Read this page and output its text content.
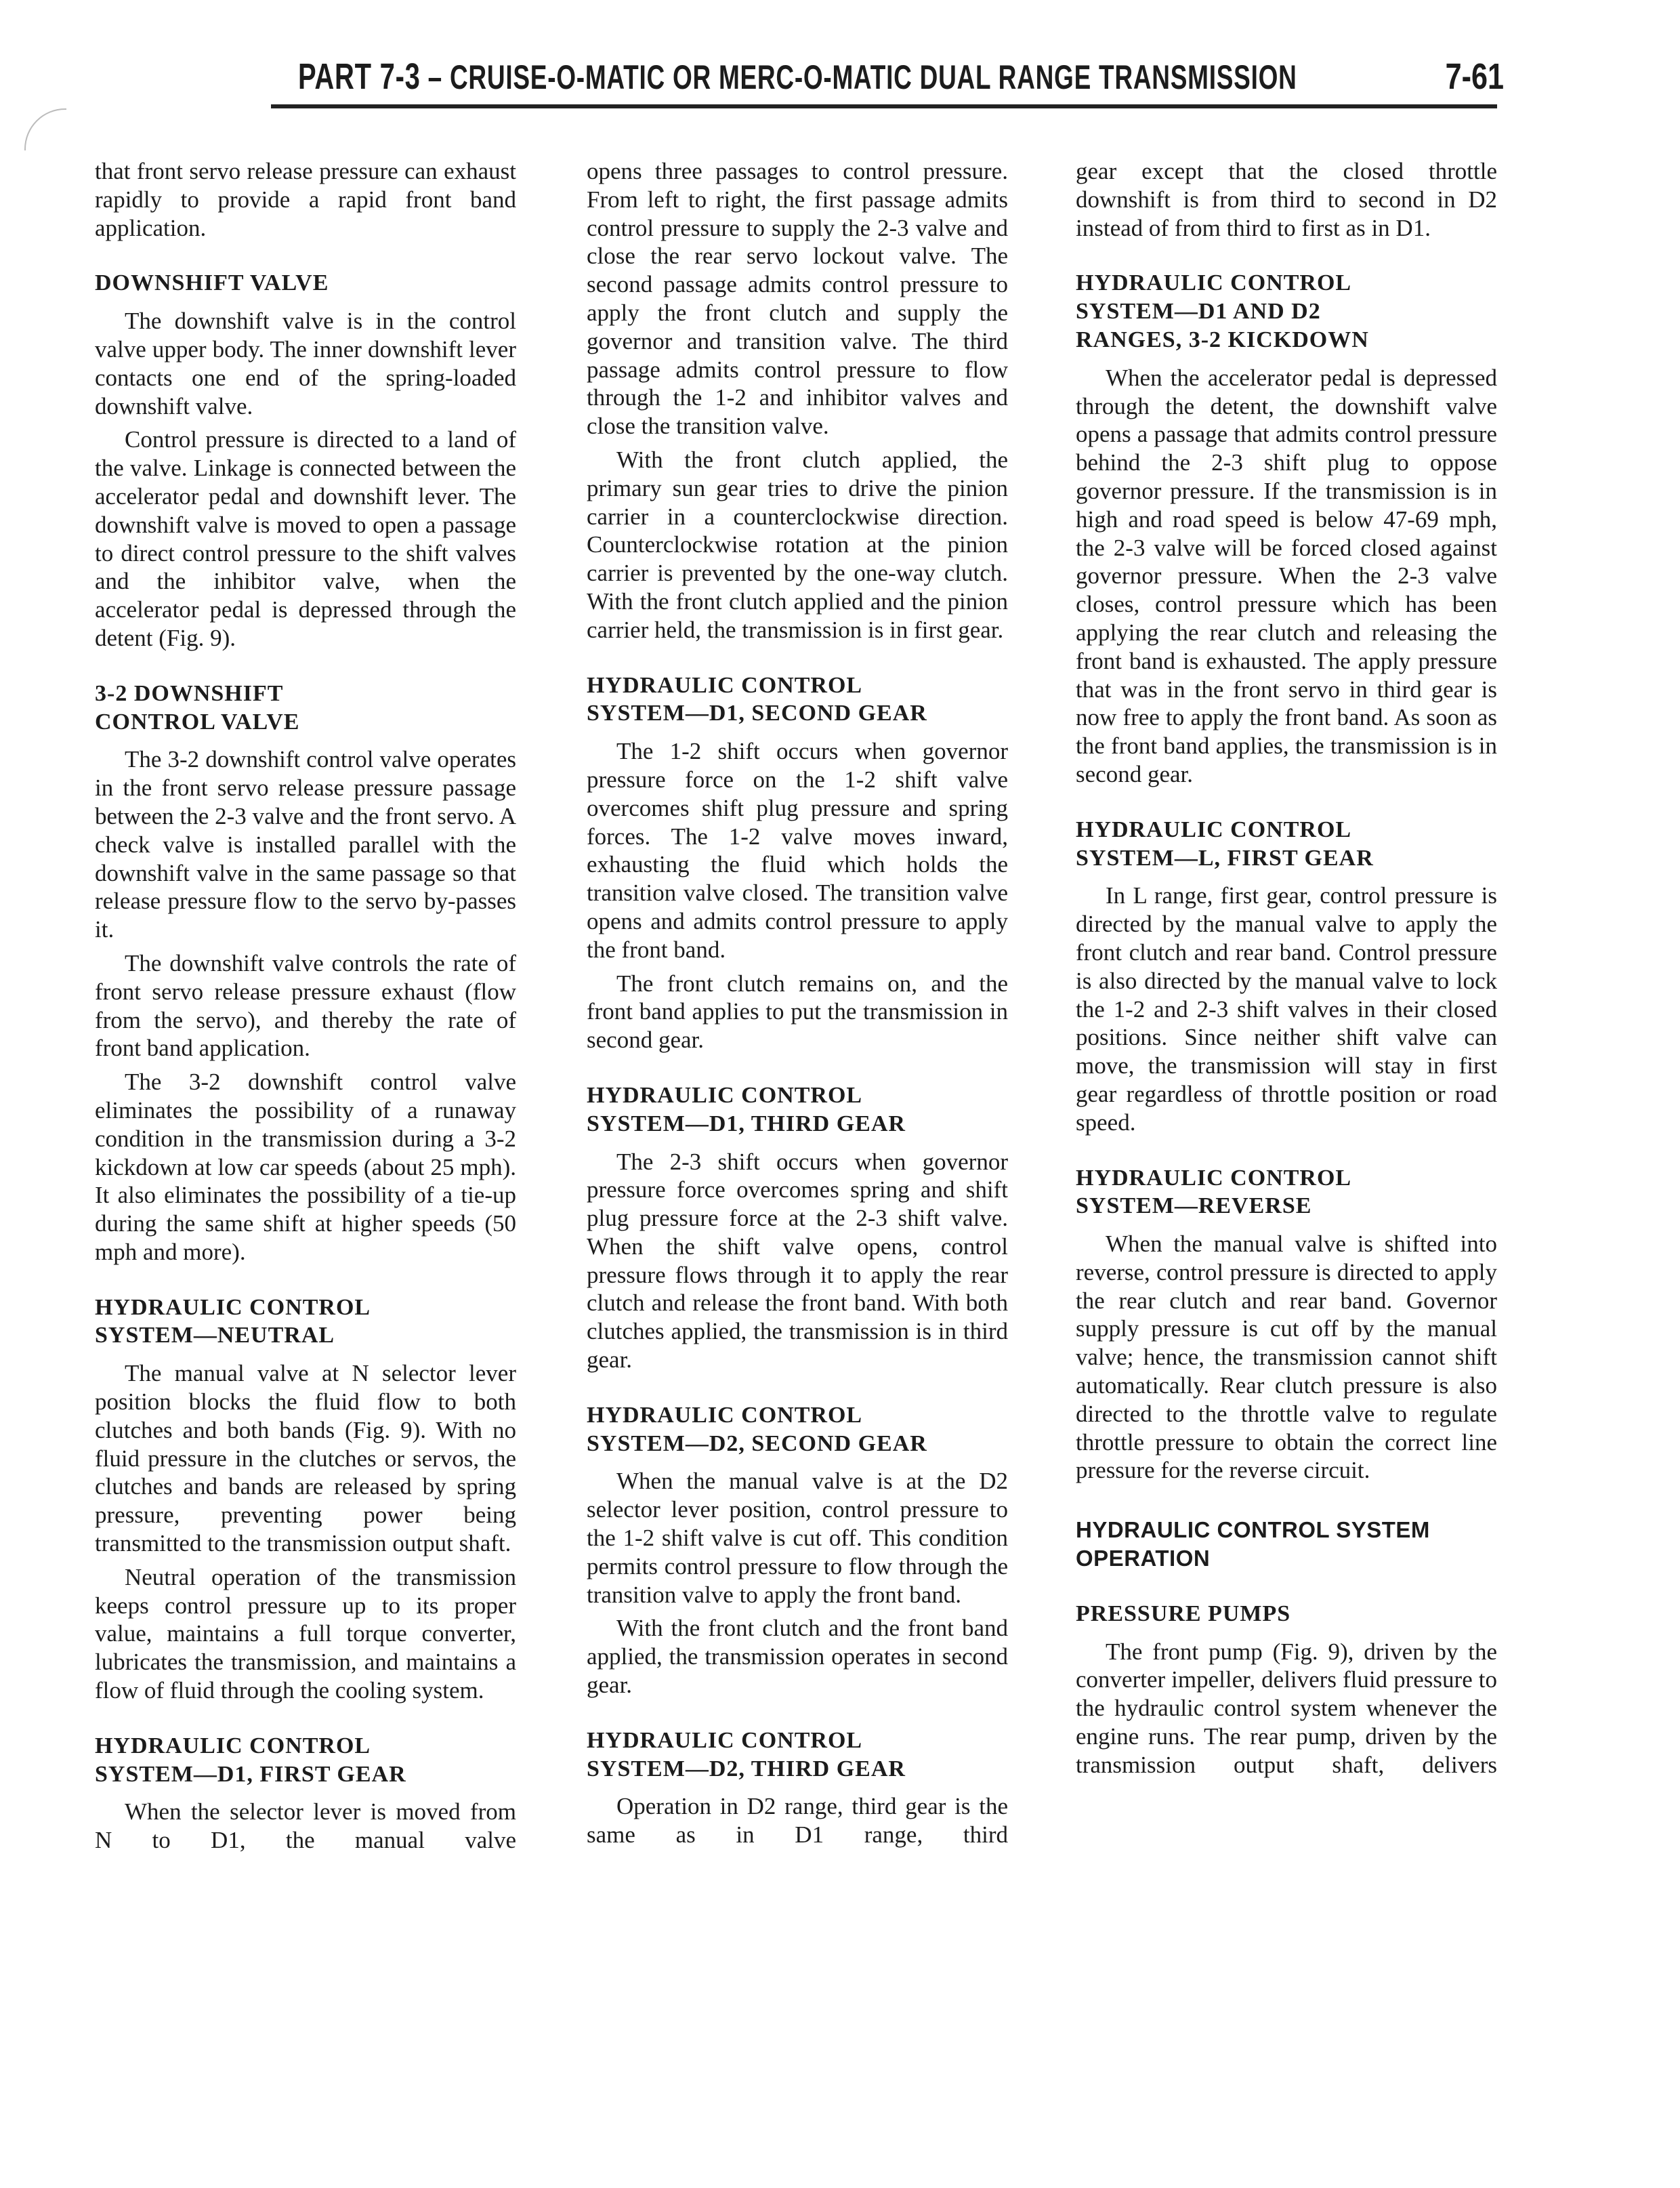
PART 7-3 – CRUISE-O-MATIC OR MERC-O-MATIC DUAL RANGE TRANSMISSION	7-61

that front servo release pressure can exhaust rapidly to provide a rapid front band application.

DOWNSHIFT VALVE

The downshift valve is in the control valve upper body. The inner downshift lever contacts one end of the spring-loaded downshift valve.

Control pressure is directed to a land of the valve. Linkage is connected between the accelerator pedal and downshift lever. The downshift valve is moved to open a passage to direct control pressure to the shift valves and the inhibitor valve, when the accelerator pedal is depressed through the detent (Fig. 9).

3-2 DOWNSHIFT
CONTROL VALVE

The 3-2 downshift control valve operates in the front servo release pressure passage between the 2-3 valve and the front servo. A check valve is installed parallel with the downshift valve in the same passage so that release pressure flow to the servo by-passes it.

The downshift valve controls the rate of front servo release pressure exhaust (flow from the servo), and thereby the rate of front band application.

The 3-2 downshift control valve eliminates the possibility of a runaway condition in the transmission during a 3-2 kickdown at low car speeds (about 25 mph). It also eliminates the possibility of a tie-up during the same shift at higher speeds (50 mph and more).

HYDRAULIC CONTROL
SYSTEM—NEUTRAL

The manual valve at N selector lever position blocks the fluid flow to both clutches and both bands (Fig. 9). With no fluid pressure in the clutches or servos, the clutches and bands are released by spring pressure, preventing power being transmitted to the transmission output shaft.

Neutral operation of the transmission keeps control pressure up to its proper value, maintains a full torque converter, lubricates the transmission, and maintains a flow of fluid through the cooling system.

HYDRAULIC CONTROL
SYSTEM—D1, FIRST GEAR

When the selector lever is moved from N to D1, the manual valve

opens three passages to control pressure. From left to right, the first passage admits control pressure to supply the 2-3 valve and close the rear servo lockout valve. The second passage admits control pressure to apply the front clutch and supply the governor and transition valve. The third passage admits control pressure to flow through the 1-2 and inhibitor valves and close the transition valve.

With the front clutch applied, the primary sun gear tries to drive the pinion carrier in a counterclockwise direction. Counterclockwise rotation at the pinion carrier is prevented by the one-way clutch. With the front clutch applied and the pinion carrier held, the transmission is in first gear.

HYDRAULIC CONTROL
SYSTEM—D1, SECOND GEAR

The 1-2 shift occurs when governor pressure force on the 1-2 shift valve overcomes shift plug pressure and spring forces. The 1-2 valve moves inward, exhausting the fluid which holds the transition valve closed. The transition valve opens and admits control pressure to apply the front band.

The front clutch remains on, and the front band applies to put the transmission in second gear.

HYDRAULIC CONTROL
SYSTEM—D1, THIRD GEAR

The 2-3 shift occurs when governor pressure force overcomes spring and shift plug pressure force at the 2-3 shift valve. When the shift valve opens, control pressure flows through it to apply the rear clutch and release the front band. With both clutches applied, the transmission is in third gear.

HYDRAULIC CONTROL
SYSTEM—D2, SECOND GEAR

When the manual valve is at the D2 selector lever position, control pressure to the 1-2 shift valve is cut off. This condition permits control pressure to flow through the transition valve to apply the front band.

With the front clutch and the front band applied, the transmission operates in second gear.

HYDRAULIC CONTROL
SYSTEM—D2, THIRD GEAR

Operation in D2 range, third gear is the same as in D1 range, third

gear except that the closed throttle downshift is from third to second in D2 instead of from third to first as in D1.

HYDRAULIC CONTROL
SYSTEM—D1 AND D2
RANGES, 3-2 KICKDOWN

When the accelerator pedal is depressed through the detent, the downshift valve opens a passage that admits control pressure behind the 2-3 shift plug to oppose governor pressure. If the transmission is in high and road speed is below 47-69 mph, the 2-3 valve will be forced closed against governor pressure. When the 2-3 valve closes, control pressure which has been applying the rear clutch and releasing the front band is exhausted. The apply pressure that was in the front servo in third gear is now free to apply the front band. As soon as the front band applies, the transmission is in second gear.

HYDRAULIC CONTROL
SYSTEM—L, FIRST GEAR

In L range, first gear, control pressure is directed by the manual valve to apply the front clutch and rear band. Control pressure is also directed by the manual valve to lock the 1-2 and 2-3 shift valves in their closed positions. Since neither shift valve can move, the transmission will stay in first gear regardless of throttle position or road speed.

HYDRAULIC CONTROL
SYSTEM—REVERSE

When the manual valve is shifted into reverse, control pressure is directed to apply the rear clutch and rear band. Governor supply pressure is cut off by the manual valve; hence, the transmission cannot shift automatically. Rear clutch pressure is also directed to the throttle valve to regulate throttle pressure to obtain the correct line pressure for the reverse circuit.

HYDRAULIC CONTROL SYSTEM
OPERATION
PRESSURE PUMPS

The front pump (Fig. 9), driven by the converter impeller, delivers fluid pressure to the hydraulic control system whenever the engine runs. The rear pump, driven by the transmission output shaft, delivers
